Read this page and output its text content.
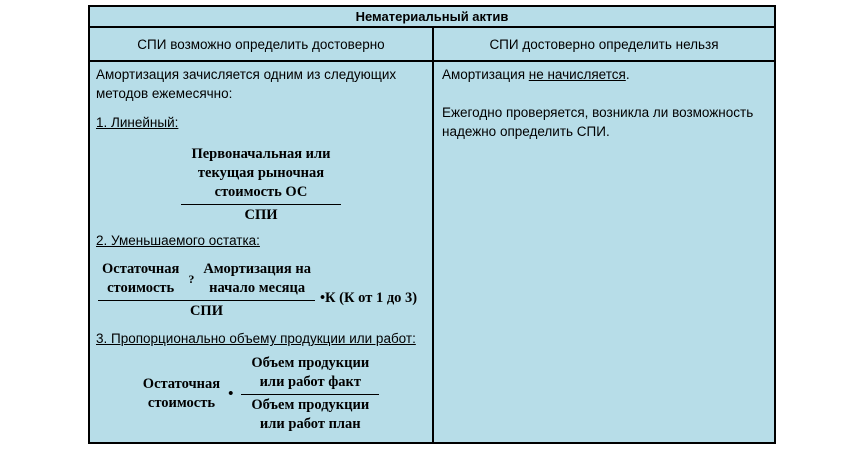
Нематериальный актив
СПИ возможно определить достоверно	СПИ достоверно определить нельзя
Амортизация зачисляется одним из следующих методов ежемесячно:
1. Линейный:
Первоначальная или
текущая рыночная
стоимость ОС
СПИ
2. Уменьшаемого остатка:
Остаточная
стоимость
?
Амортизация на
начало месяца
СПИ
•К (К от 1 до 3)
3. Пропорционально объему продукции или работ:
Остаточная
стоимость
• Объем продукции
или работ факт
Объем продукции
или работ план

Амортизация не начисляется.

Ежегодно проверяется, возникла ли возможность надежно определить СПИ.
